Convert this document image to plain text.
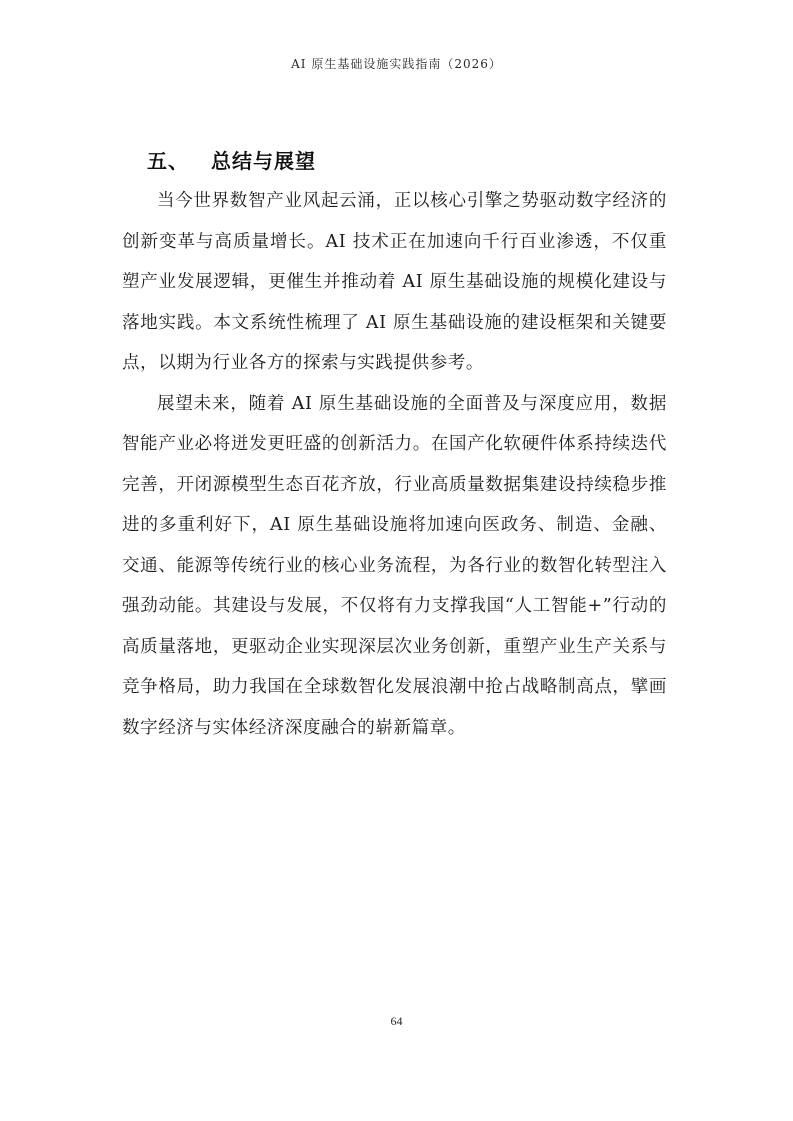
AI 原生基础设施实践指南（2026）
五、 总结与展望

当今世界数智产业风起云涌，正以核心引擎之势驱动数字经济的创新变革与高质量增长。AI 技术正在加速向千行百业渗透，不仅重塑产业发展逻辑，更催生并推动着 AI 原生基础设施的规模化建设与落地实践。本文系统性梳理了 AI 原生基础设施的建设框架和关键要点，以期为行业各方的探索与实践提供参考。

展望未来，随着 AI 原生基础设施的全面普及与深度应用，数据智能产业必将迸发更旺盛的创新活力。在国产化软硬件体系持续迭代完善，开闭源模型生态百花齐放，行业高质量数据集建设持续稳步推进的多重利好下，AI 原生基础设施将加速向医政务、制造、金融、交通、能源等传统行业的核心业务流程，为各行业的数智化转型注入强劲动能。其建设与发展，不仅将有力支撑我国“人工智能+”行动的高质量落地，更驱动企业实现深层次业务创新，重塑产业生产关系与竞争格局，助力我国在全球数智化发展浪潮中抢占战略制高点，擘画数字经济与实体经济深度融合的崭新篇章。

64
